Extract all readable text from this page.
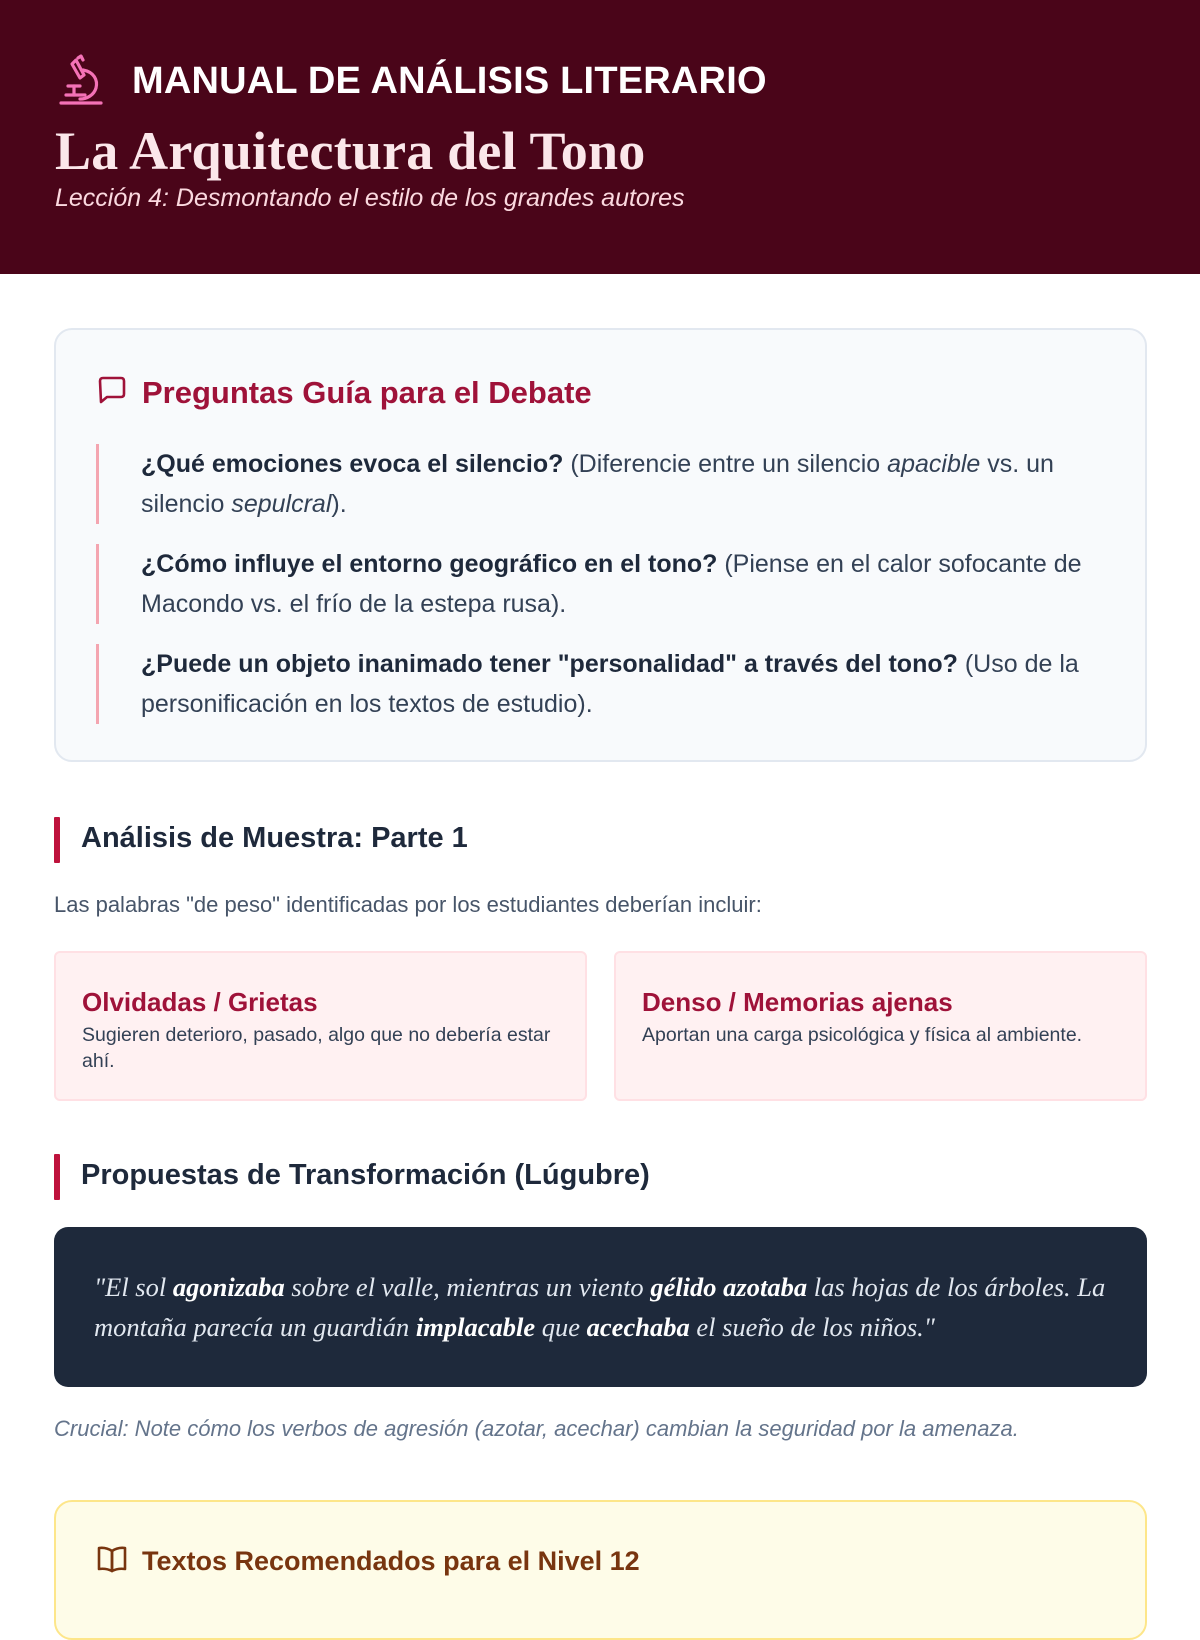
MANUAL DE ANÁLISIS LITERARIO
La Arquitectura del Tono
Lección 4: Desmontando el estilo de los grandes autores
Preguntas Guía para el Debate
¿Qué emociones evoca el silencio? (Diferencie entre un silencio apacible vs. un silencio sepulcral).
¿Cómo influye el entorno geográfico en el tono? (Piense en el calor sofocante de Macondo vs. el frío de la estepa rusa).
¿Puede un objeto inanimado tener "personalidad" a través del tono? (Uso de la personificación en los textos de estudio).
Análisis de Muestra: Parte 1
Las palabras "de peso" identificadas por los estudiantes deberían incluir:
Olvidadas / Grietas
Sugieren deterioro, pasado, algo que no debería estar ahí.
Denso / Memorias ajenas
Aportan una carga psicológica y física al ambiente.
Propuestas de Transformación (Lúgubre)
"El sol agonizaba sobre el valle, mientras un viento gélido azotaba las hojas de los árboles. La montaña parecía un guardián implacable que acechaba el sueño de los niños."
Crucial: Note cómo los verbos de agresión (azotar, acechar) cambian la seguridad por la amenaza.
Textos Recomendados para el Nivel 12
